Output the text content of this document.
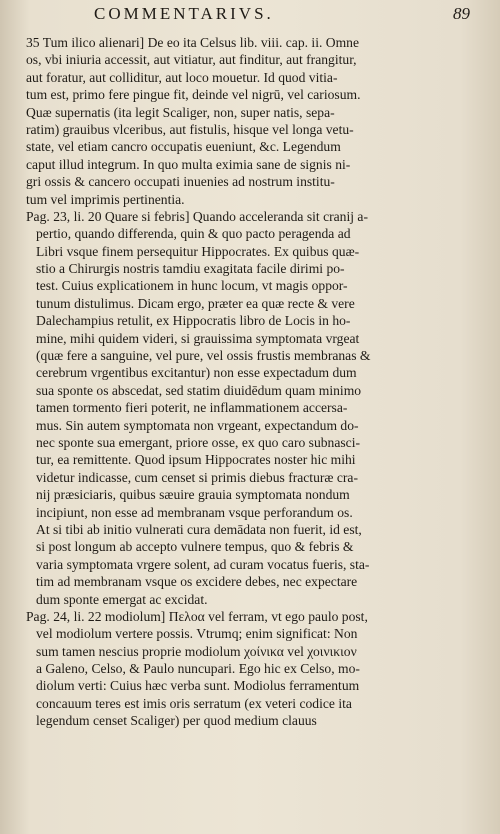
COMMENTARIVS.	89
35 Tum ilico alienari] De eo ita Celsus lib. viii. cap. ii. Omne
os, vbi iniuria accessit, aut vitiatur, aut finditur, aut frangitur,
aut foratur, aut colliditur, aut loco mouetur. Id quod vitia-
tum est, primo fere pingue fit, deinde vel nigrū, vel cariosum.
Quæ supernatis (ita legit Scaliger, non, super natis, sepa-
ratim) grauibus vlceribus, aut fistulis, hisque vel longa vetu-
state, vel etiam cancro occupatis eueniunt, &c. Legendum
caput illud integrum. In quo multa eximia sane de signis ni-
gri ossis & cancero occupati inuenies ad nostrum institu-
tum vel imprimis pertinentia.
Pag. 23, li. 20 Quare si febris] Quando acceleranda sit cranij a-
pertio, quando differenda, quin & quo pacto peragenda ad
Libri vsque finem persequitur Hippocrates. Ex quibus quæ-
stio a Chirurgis nostris tamdiu exagitata facile dirimi po-
test. Cuius explicationem in hunc locum, vt magis oppor-
tunum distulimus. Dicam ergo, præter ea quæ recte & vere
Dalechampius retulit, ex Hippocratis libro de Locis in ho-
mine, mihi quidem videri, si grauissima symptomata vrgeat
(quæ fere a sanguine, vel pure, vel ossis frustis membranas &
cerebrum vrgentibus excitantur) non esse expectadum dum
sua sponte os abscedat, sed statim diuidēdum quam minimo
tamen tormento fieri poterit, ne inflammationem accersa-
mus. Sin autem symptomata non vrgeant, expectandum do-
nec sponte sua emergant, priore osse, ex quo caro subnasci-
tur, ea remittente. Quod ipsum Hippocrates noster hic mihi
videtur indicasse, cum censet si primis diebus fracturæ cra-
nij præsiciaris, quibus sæuire grauia symptomata nondum
incipiunt, non esse ad membranam vsque perforandum os.
At si tibi ab initio vulnerati cura demādata non fuerit, id est,
si post longum ab accepto vulnere tempus, quo & febris &
varia symptomata vrgere solent, ad curam vocatus fueris, sta-
tim ad membranam vsque os excidere debes, nec expectare
dum sponte emergat ac excidat.
Pag. 24, li. 22 modiolum] Πελοα vel ferram, vt ego paulo post,
vel modiolum vertere possis. Vtrumq; enim significat: Non
sum tamen nescius proprie modiolum χοίνικα vel χοινικιον
a Galeno, Celso, & Paulo nuncupari. Ego hic ex Celso, mo-
diolum verti: Cuius hæc verba sunt. Modiolus ferramentum
concauum teres est imis oris serratum (ex veteri codice ita
legendum censet Scaliger) per quod medium clauus
